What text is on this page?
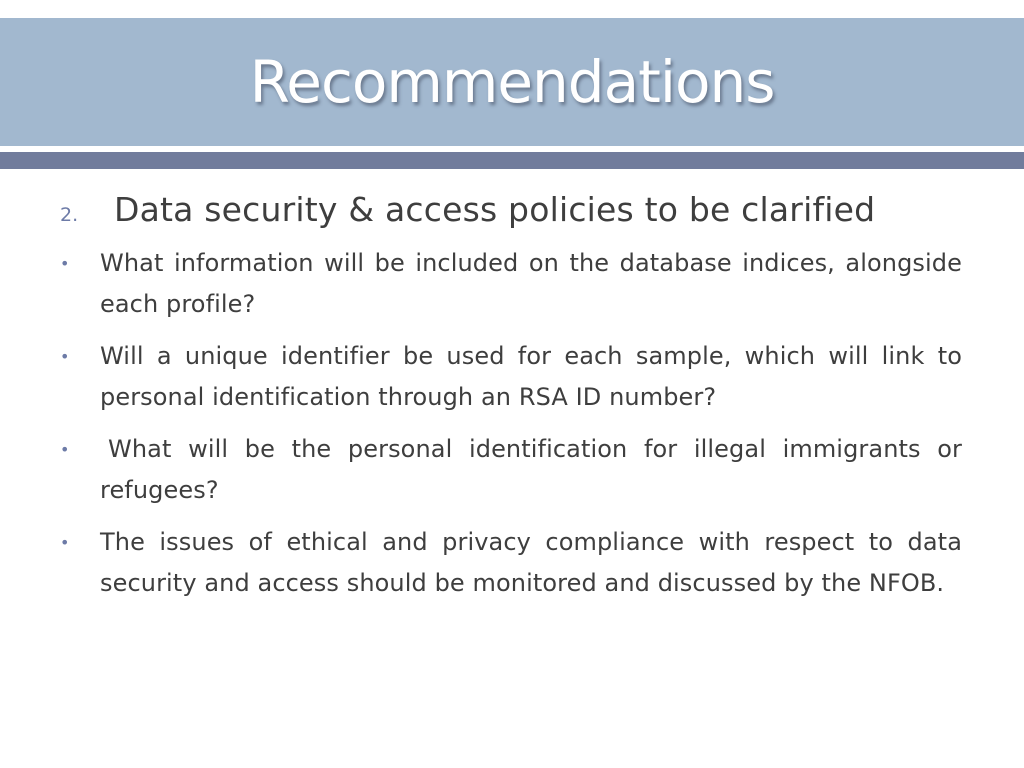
Recommendations
2.	Data security & access policies to be clarified
•	What information will be included on the database indices, alongside each profile?
•	Will a unique identifier be used for each sample, which will link to personal identification through an RSA ID number?
•	What will be the personal identification for illegal immigrants or refugees?
•	The issues of ethical and privacy compliance with respect to data security and access should be monitored and discussed by the NFOB.
